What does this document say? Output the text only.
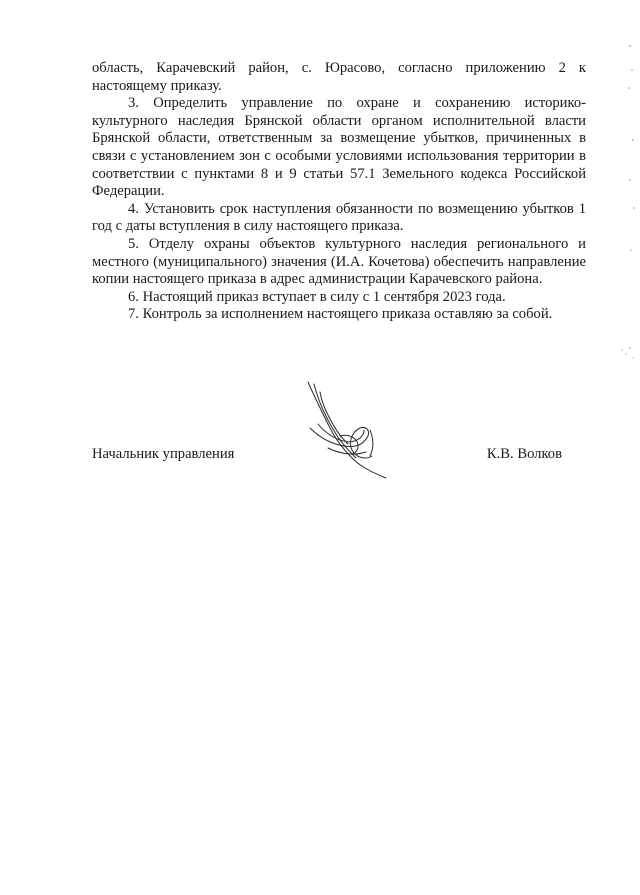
область, Карачевский район, с. Юрасово, согласно приложению 2 к настоящему приказу.

3. Определить управление по охране и сохранению историко-культурного наследия Брянской области органом исполнительной власти Брянской области, ответственным за возмещение убытков, причиненных в связи с установлением зон с особыми условиями использования территории в соответствии с пунктами 8 и 9 статьи 57.1 Земельного кодекса Российской Федерации.

4. Установить срок наступления обязанности по возмещению убытков 1 год с даты вступления в силу настоящего приказа.

5. Отделу охраны объектов культурного наследия регионального и местного (муниципального) значения (И.А. Кочетова) обеспечить направление копии настоящего приказа в адрес администрации Карачевского района.

6. Настоящий приказ вступает в силу с 1 сентября 2023 года.

7. Контроль за исполнением настоящего приказа оставляю за собой.

Начальник управления	К.В. Волков
